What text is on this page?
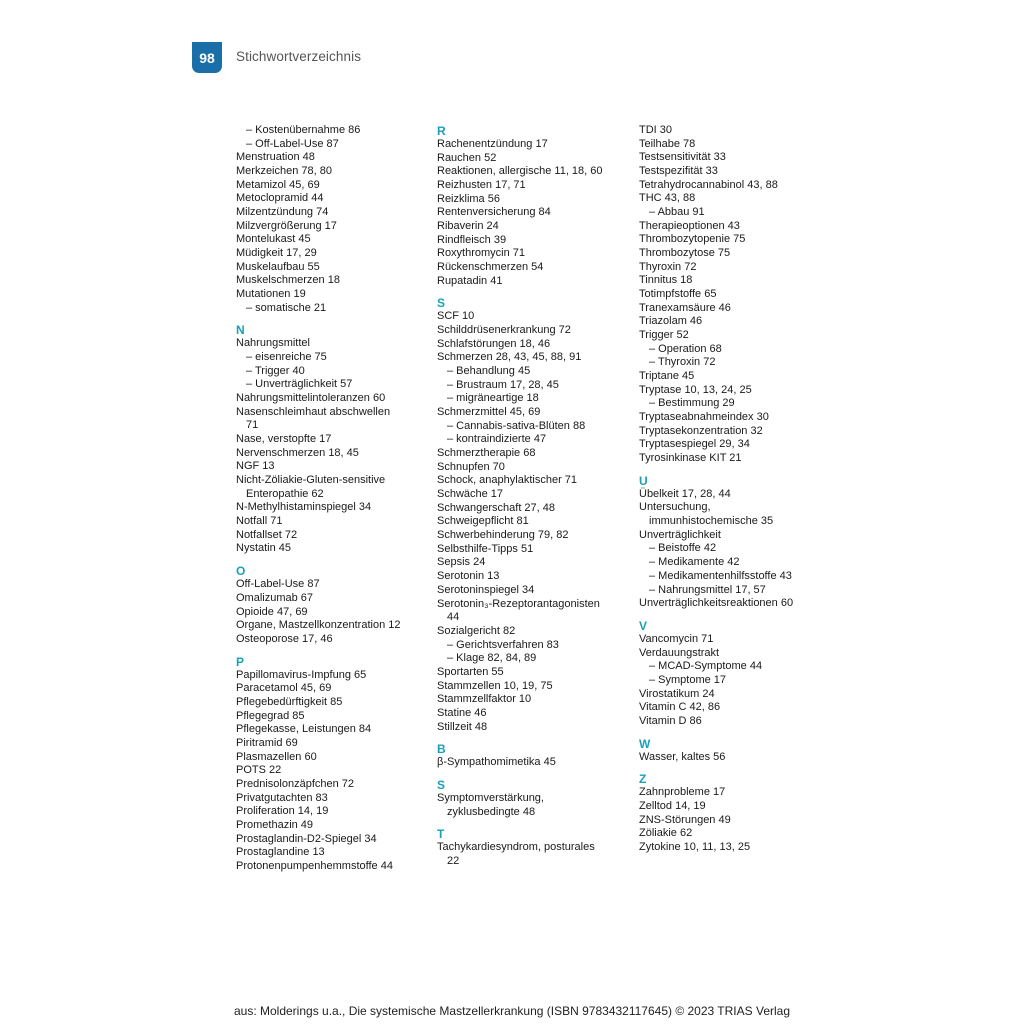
98	Stichwortverzeichnis
– Kostenübernahme 86
– Off-Label-Use 87
Menstruation 48
Merkzeichen 78, 80
Metamizol 45, 69
Metoclopramid 44
Milzentzündung 74
Milzvergrößerung 17
Montelukast 45
Müdigkeit 17, 29
Muskelaufbau 55
Muskelschmerzen 18
Mutationen 19
– somatische 21
N
Nahrungsmittel
– eisenreiche 75
– Trigger 40
– Unverträglichkeit 57
Nahrungsmittelintoleranzen 60
Nasenschleimhaut abschwellen
71
Nase, verstopfte 17
Nervenschmerzen 18, 45
NGF 13
Nicht-Zöliakie-Gluten-sensitive
Enteropathie 62
N-Methylhistaminspiegel 34
Notfall 71
Notfallset 72
Nystatin 45
O
Off-Label-Use 87
Omalizumab 67
Opioide 47, 69
Organe, Mastzellkonzentration 12
Osteoporose 17, 46
P
Papillomavirus-Impfung 65
Paracetamol 45, 69
Pflegebedürftigkeit 85
Pflegegrad 85
Pflegekasse, Leistungen 84
Piritramid 69
Plasmazellen 60
POTS 22
Prednisolonzäpfchen 72
Privatgutachten 83
Proliferation 14, 19
Promethazin 49
Prostaglandin-D2-Spiegel 34
Prostaglandine 13
Protonenpumpenhemmstoffe 44
R
Rachenentzündung 17
Rauchen 52
Reaktionen, allergische 11, 18, 60
Reizhusten 17, 71
Reizklima 56
Rentenversicherung 84
Ribaverin 24
Rindfleisch 39
Roxythromycin 71
Rückenschmerzen 54
Rupatadin 41
S
SCF 10
Schilddrüsenerkrankung 72
Schlafstörungen 18, 46
Schmerzen 28, 43, 45, 88, 91
– Behandlung 45
– Brustraum 17, 28, 45
– migräneartige 18
Schmerzmittel 45, 69
– Cannabis-sativa-Blüten 88
– kontraindizierte 47
Schmerztherapie 68
Schnupfen 70
Schock, anaphylaktischer 71
Schwäche 17
Schwangerschaft 27, 48
Schweigepflicht 81
Schwerbehinderung 79, 82
Selbsthilfe-Tipps 51
Sepsis 24
Serotonin 13
Serotoninspiegel 34
Serotonin₃-Rezeptorantagonisten
44
Sozialgericht 82
– Gerichtsverfahren 83
– Klage 82, 84, 89
Sportarten 55
Stammzellen 10, 19, 75
Stammzellfaktor 10
Statine 46
Stillzeit 48
B
β-Sympathomimetika 45
S
Symptomverstärkung,
zyklusbedingte 48
T
Tachykardiesyndrom, posturales
22
TDI 30
Teilhabe 78
Testsensitivität 33
Testspezifität 33
Tetrahydrocannabinol 43, 88
THC 43, 88
– Abbau 91
Therapieoptionen 43
Thrombozytopenie 75
Thrombozytose 75
Thyroxin 72
Tinnitus 18
Totimpfstoffe 65
Tranexamsäure 46
Triazolam 46
Trigger 52
– Operation 68
– Thyroxin 72
Triptane 45
Tryptase 10, 13, 24, 25
– Bestimmung 29
Tryptaseabnahmeindex 30
Tryptasekonzentration 32
Tryptasespiegel 29, 34
Tyrosinkinase KIT 21
U
Übelkeit 17, 28, 44
Untersuchung,
immunhistochemische 35
Unverträglichkeit
– Beistoffe 42
– Medikamente 42
– Medikamentenhilfsstoffe 43
– Nahrungsmittel 17, 57
Unverträglichkeitsreaktionen 60
V
Vancomycin 71
Verdauungstrakt
– MCAD-Symptome 44
– Symptome 17
Virostatikum 24
Vitamin C 42, 86
Vitamin D 86
W
Wasser, kaltes 56
Z
Zahnprobleme 17
Zelltod 14, 19
ZNS-Störungen 49
Zöliakie 62
Zytokine 10, 11, 13, 25
aus: Molderings u.a., Die systemische Mastzellerkrankung (ISBN 9783432117645) © 2023 TRIAS Verlag
